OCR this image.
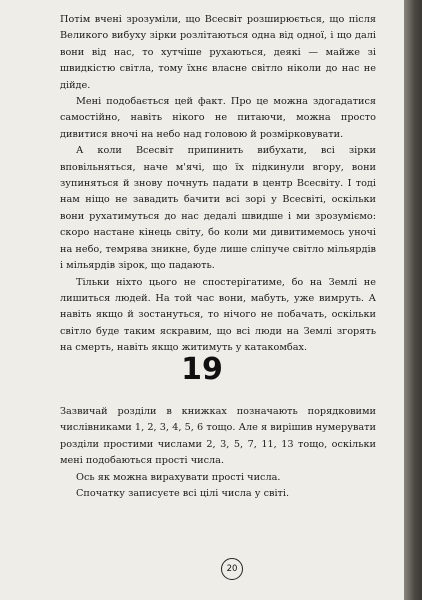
Потім вчені зрозуміли, що Всесвіт розширюється, що після Великого вибуху зірки розлітаються одна від одної, і що далі вони від нас, то хутчіше рухаються, деякі — майже зі швидкістю світла, тому їхнє власне світло ніколи до нас не дійде.

Мені подобається цей факт. Про це можна здогадатися самостійно, навіть нікого не питаючи, можна просто дивитися вночі на небо над головою й розмірковувати.

А коли Всесвіт припинить вибухати, всі зірки вповільняться, наче м'ячі, що їх підкинули вгору, вони зупиняться й знову почнуть падати в центр Всесвіту. І тоді нам ніщо не завадить бачити всі зорі у Всесвіті, оскільки вони рухатимуться до нас дедалі швидше і ми зрозуміємо: скоро настане кінець світу, бо коли ми дивитимемось уночі на небо, темрява зникне, буде лише сліпуче світло мільярдів і мільярдів зірок, що падають.

Тільки ніхто цього не спостерігатиме, бо на Землі не лишиться людей. На той час вони, мабуть, уже вимруть. А навіть якщо й зостануться, то нічого не побачать, оскільки світло буде таким яскравим, що всі люди на Землі згорять на смерть, навіть якщо житимуть у катакомбах.

19

Зазвичай розділи в книжках позначають порядковими числівниками 1, 2, 3, 4, 5, 6 тощо. Але я вирішив нумерувати розділи простими числами 2, 3, 5, 7, 11, 13 тощо, оскільки мені подобаються прості числа.

Ось як можна вирахувати прості числа.

Спочатку записуєте всі цілі числа у світі.

20
